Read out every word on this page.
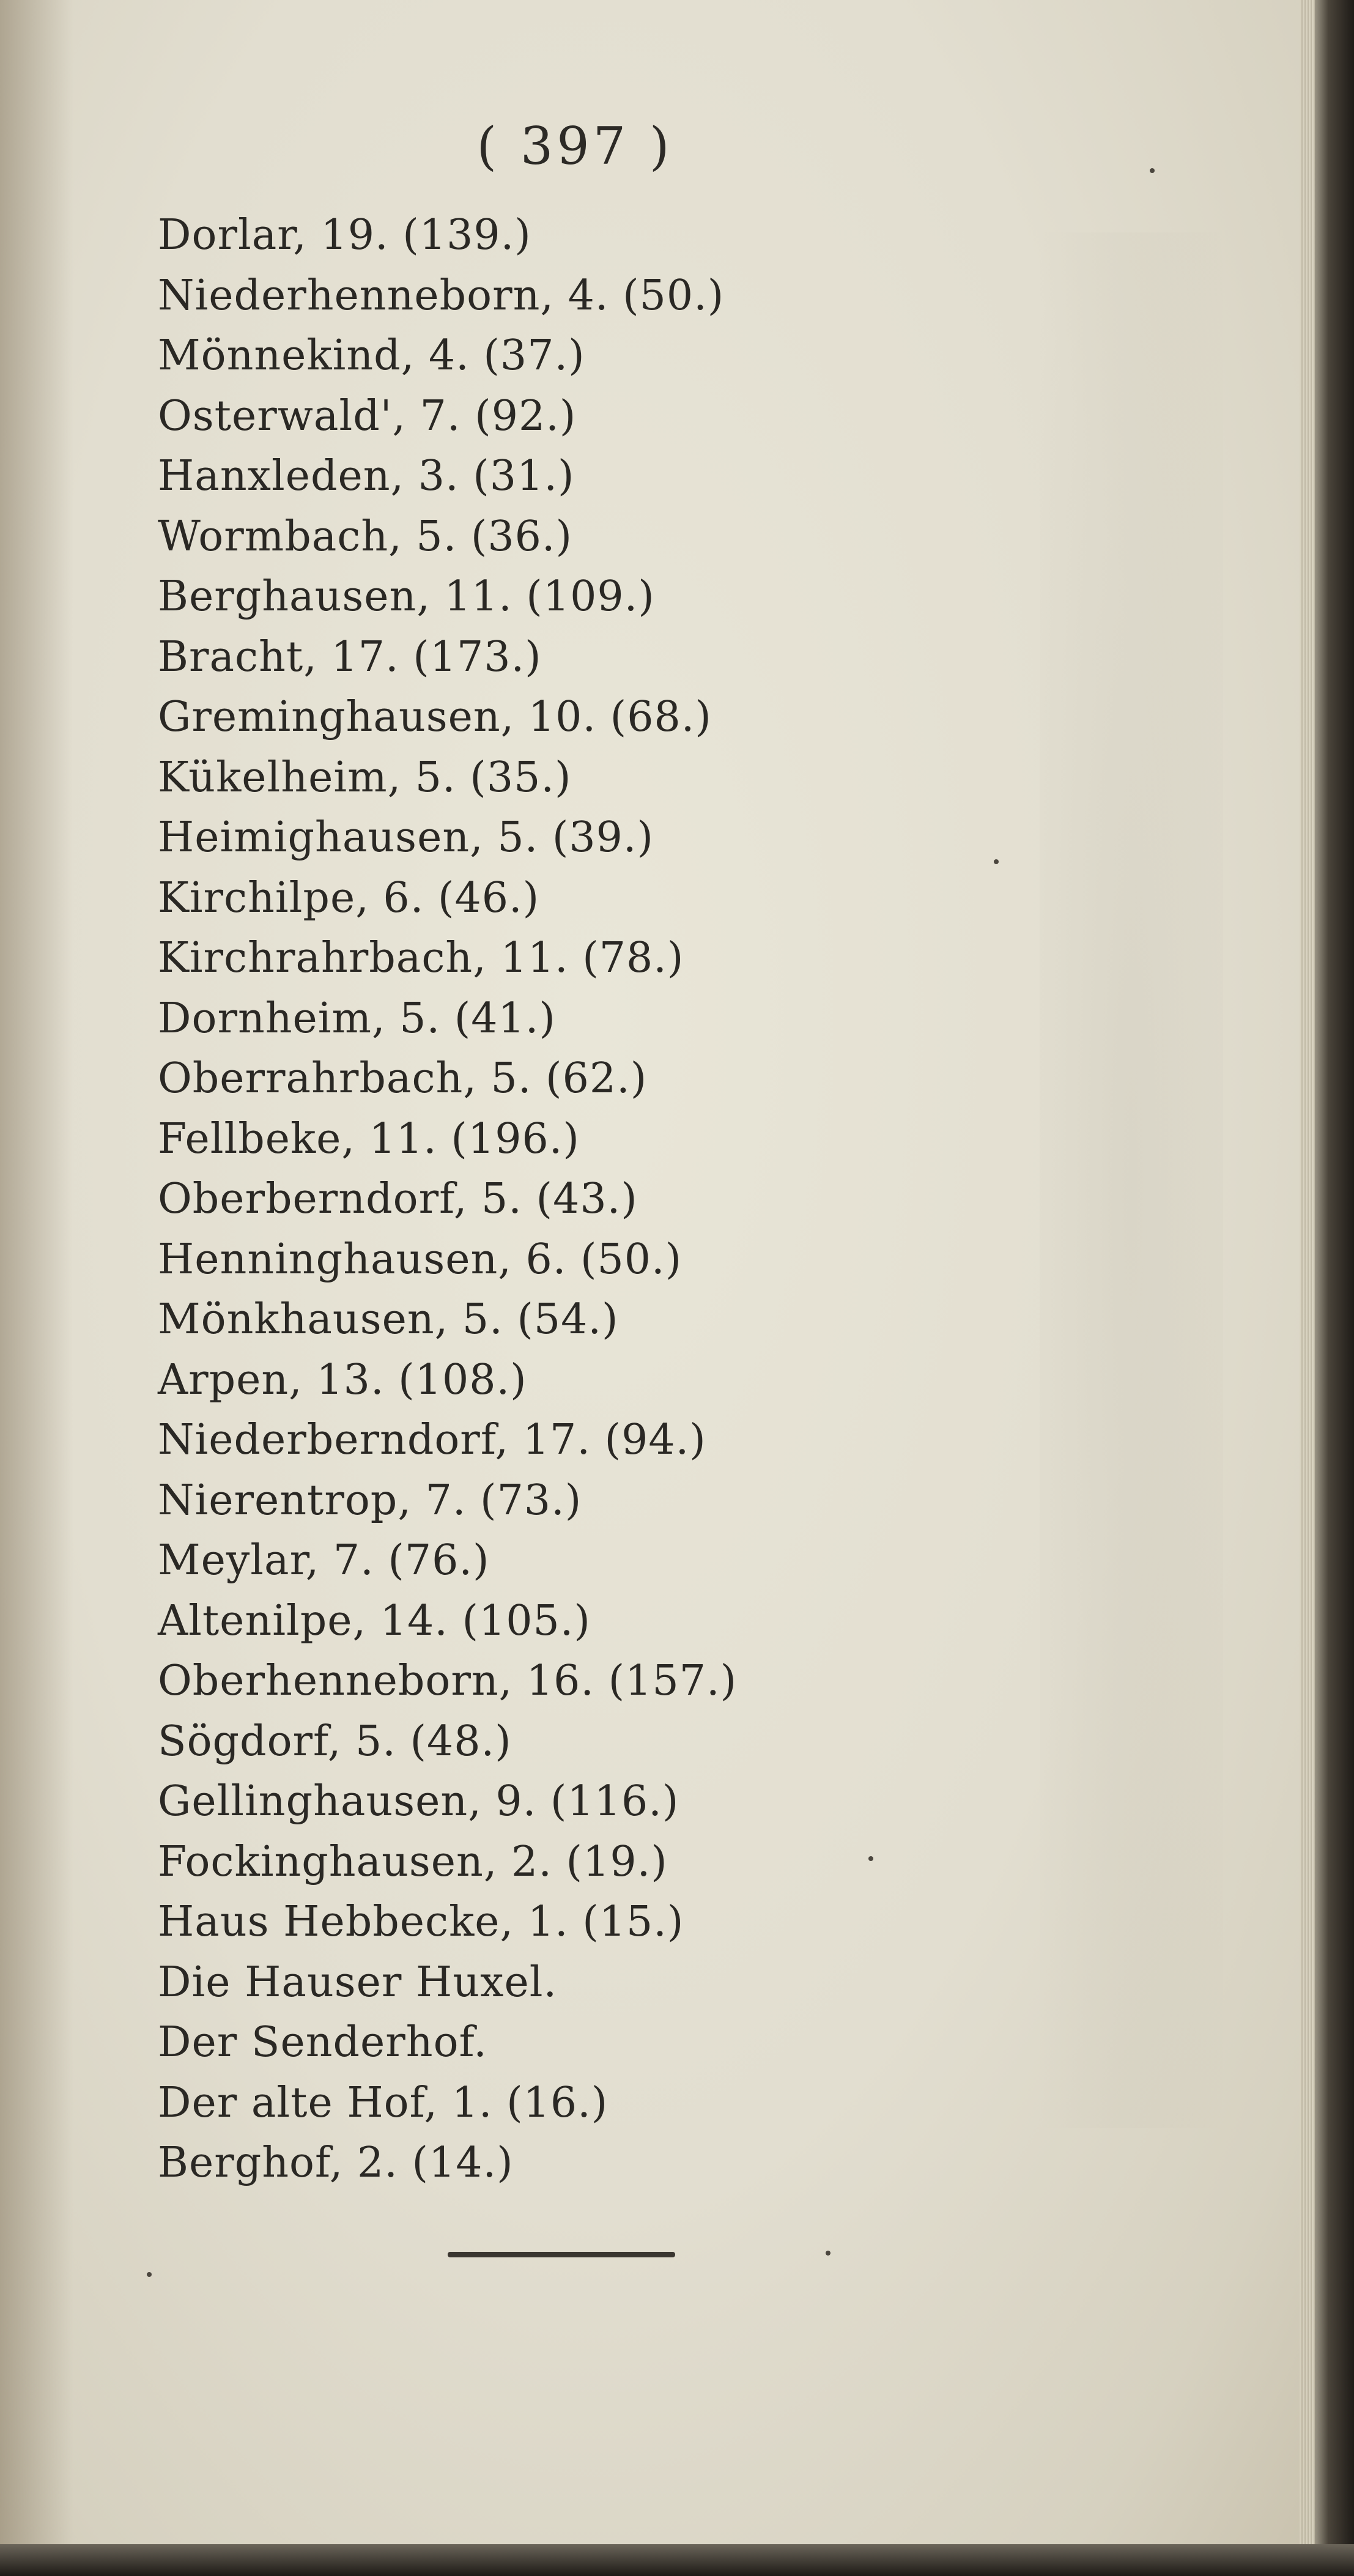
( 397 )
Dorlar, 19. (139.)
Niederhenneborn, 4. (50.)
Mönnekind, 4. (37.)
Osterwald', 7. (92.)
Hanxleden, 3. (31.)
Wormbach, 5. (36.)
Berghausen, 11. (109.)
Bracht, 17. (173.)
Greminghausen, 10. (68.)
Kükelheim, 5. (35.)
Heimighausen, 5. (39.)
Kirchilpe, 6. (46.)
Kirchrahrbach, 11. (78.)
Dornheim, 5. (41.)
Oberrahrbach, 5. (62.)
Fellbeke, 11. (196.)
Oberberndorf, 5. (43.)
Henninghausen, 6. (50.)
Mönkhausen, 5. (54.)
Arpen, 13. (108.)
Niederberndorf, 17. (94.)
Nierentrop, 7. (73.)
Meylar, 7. (76.)
Altenilpe, 14. (105.)
Oberhenneborn, 16. (157.)
Sögdorf, 5. (48.)
Gellinghausen, 9. (116.)
Fockinghausen, 2. (19.)
Haus Hebbecke, 1. (15.)
Die Hauser Huxel.
Der Senderhof.
Der alte Hof, 1. (16.)
Berghof, 2. (14.)
